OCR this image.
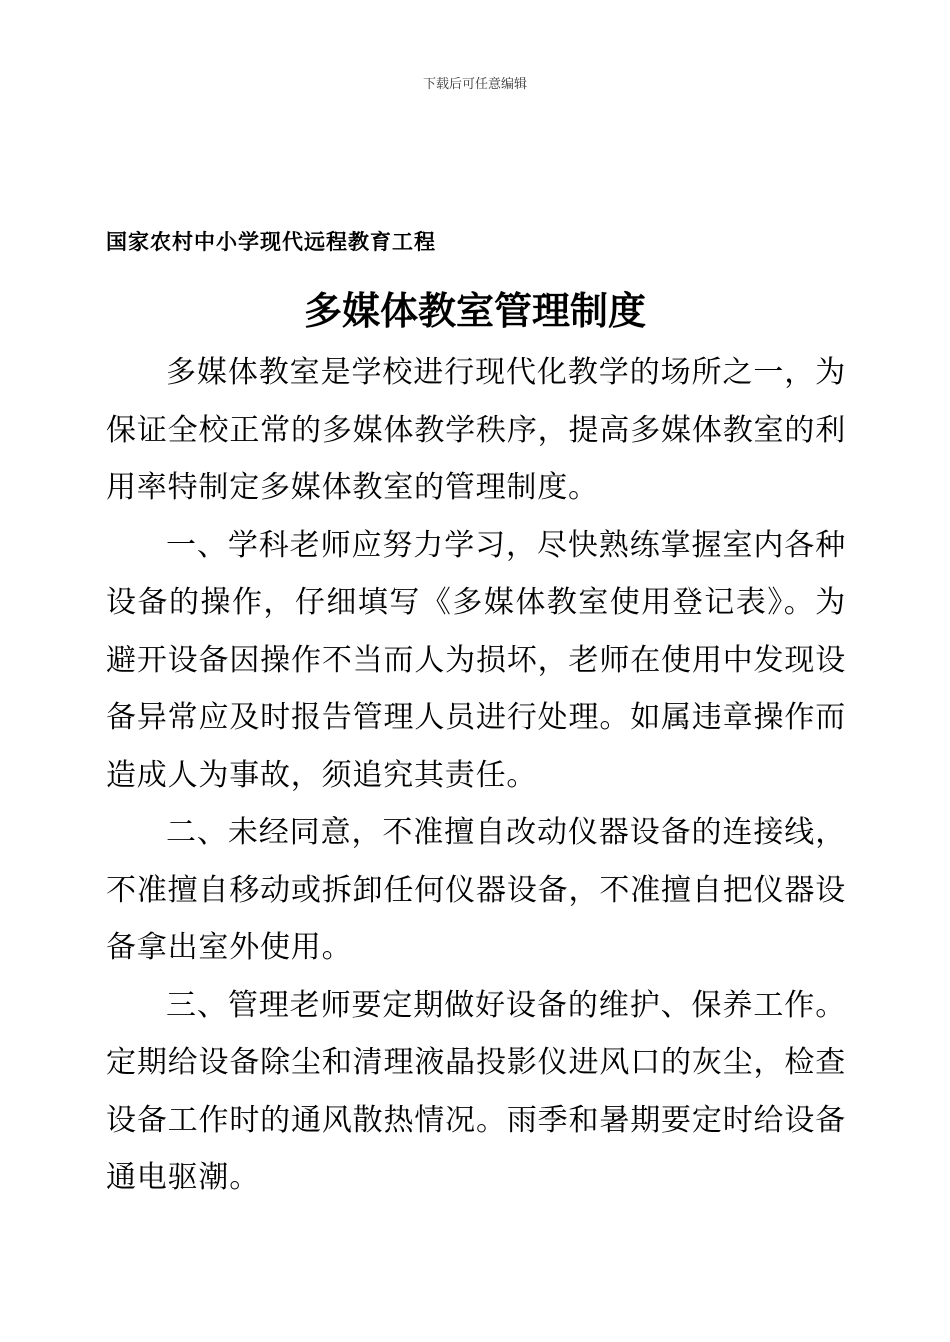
下载后可任意编辑
国家农村中小学现代远程教育工程
多媒体教室管理制度

多媒体教室是学校进行现代化教学的场所之一，为保证全校正常的多媒体教学秩序，提高多媒体教室的利用率特制定多媒体教室的管理制度。

一、学科老师应努力学习，尽快熟练掌握室内各种设备的操作，仔细填写《多媒体教室使用登记表》。为避开设备因操作不当而人为损坏，老师在使用中发现设备异常应及时报告管理人员进行处理。如属违章操作而造成人为事故，须追究其责任。

二、未经同意，不准擅自改动仪器设备的连接线，不准擅自移动或拆卸任何仪器设备，不准擅自把仪器设备拿出室外使用。

三、管理老师要定期做好设备的维护、保养工作。定期给设备除尘和清理液晶投影仪进风口的灰尘，检查设备工作时的通风散热情况。雨季和暑期要定时给设备通电驱潮。
